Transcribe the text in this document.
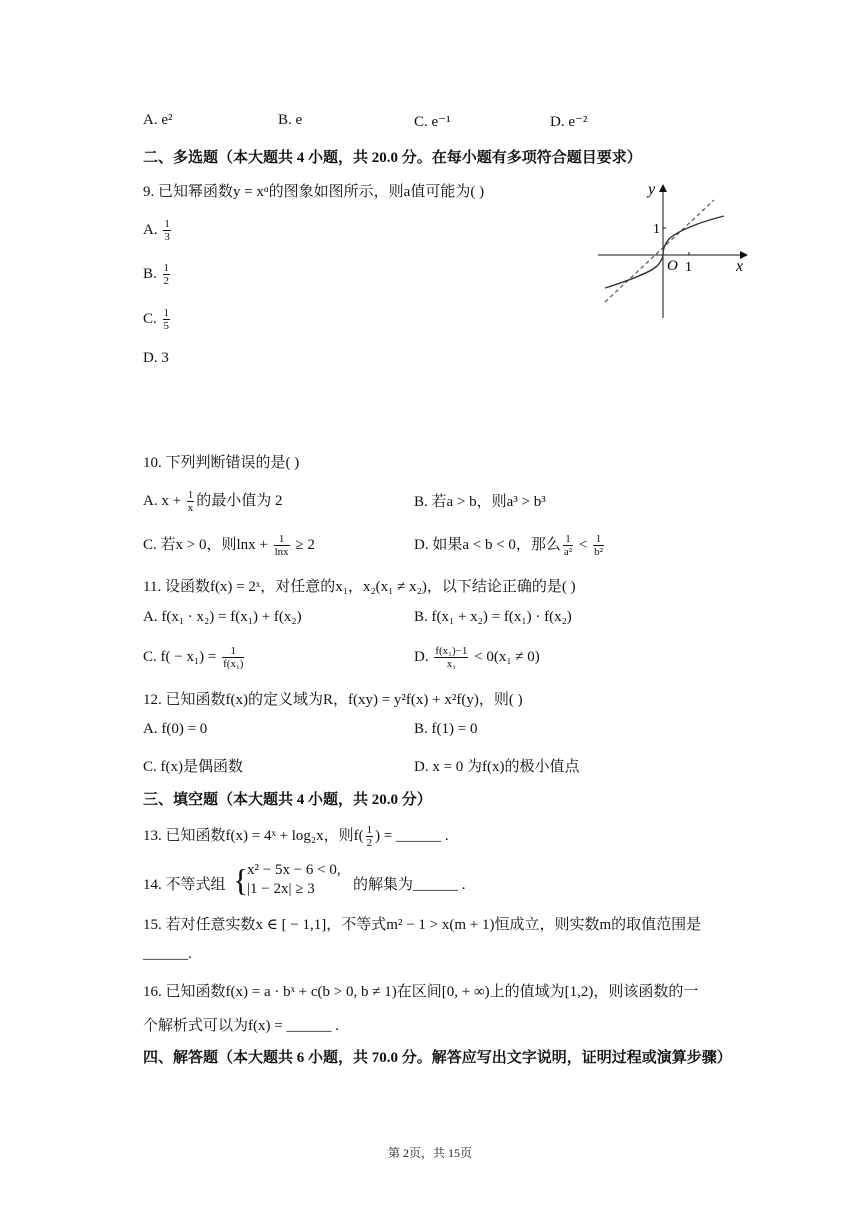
A. e²	B. e	C. e⁻¹	D. e⁻²
二、多选题（本大题共 4 小题，共 20.0 分。在每小题有多项符合题目要求）
9. 已知幂函数y = xᵅ的图象如图所示，则a值可能为( )
A. $\frac{1}{3}$
B. $\frac{1}{2}$
C. $\frac{1}{5}$
D. 3
y
x
O 1
1
10. 下列判断错误的是( )
A. $x + \frac{1}{x}$ 的最小值为 2	B. 若a > b，则a³ > b³
C. 若x > 0，则$\ln x + \frac{1}{\ln x} \ge 2$	D. 如果a < b < 0，那么 $\frac{1}{\text{a²}} < \frac{1}{\text{b²}}$
11. 设函数f(x) = 2ˣ，对任意的x₁，x₂(x₁ ≠ x₂)，以下结论正确的是( )
A. f(x₁ · x₂) = f(x₁) + f(x₂)	B. f(x₁ + x₂) = f(x₁) · f(x₂)
C. $f( - x_1) = \frac{1}{\text{f(x₁)}}$	D. $\frac{\text{f(x₁)−1}}{\text{x₁}} < 0(x_1 \ne 0)$
12. 已知函数f(x)的定义域为R，f(xy) = y²f(x) + x²f(y)，则( )
A. f(0) = 0	B. f(1) = 0
C. f(x)是偶函数	D. x = 0 为f(x)的极小值点
三、填空题（本大题共 4 小题，共 20.0 分）
13. 已知函数f(x) = 4ˣ + log₂x，则$f( \frac{1}{2}$ ) = ______ .
14. 不等式组 {
x² − 5x − 6 < 0,
|1 − 2x| ≥ 3	的解集为______ .
15. 若对任意实数x ∈ [ − 1,1]，不等式m² − 1 > x(m + 1)恒成立，则实数m的取值范围是
______.
16. 已知函数f(x) = a · bˣ + c(b > 0, b ≠ 1)在区间[0, + ∞)上的值域为[1,2)，则该函数的一
个解析式可以为f(x) = ______ .
四、解答题（本大题共 6 小题，共 70.0 分。解答应写出文字说明，证明过程或演算步骤）
第 2页，共 15页
